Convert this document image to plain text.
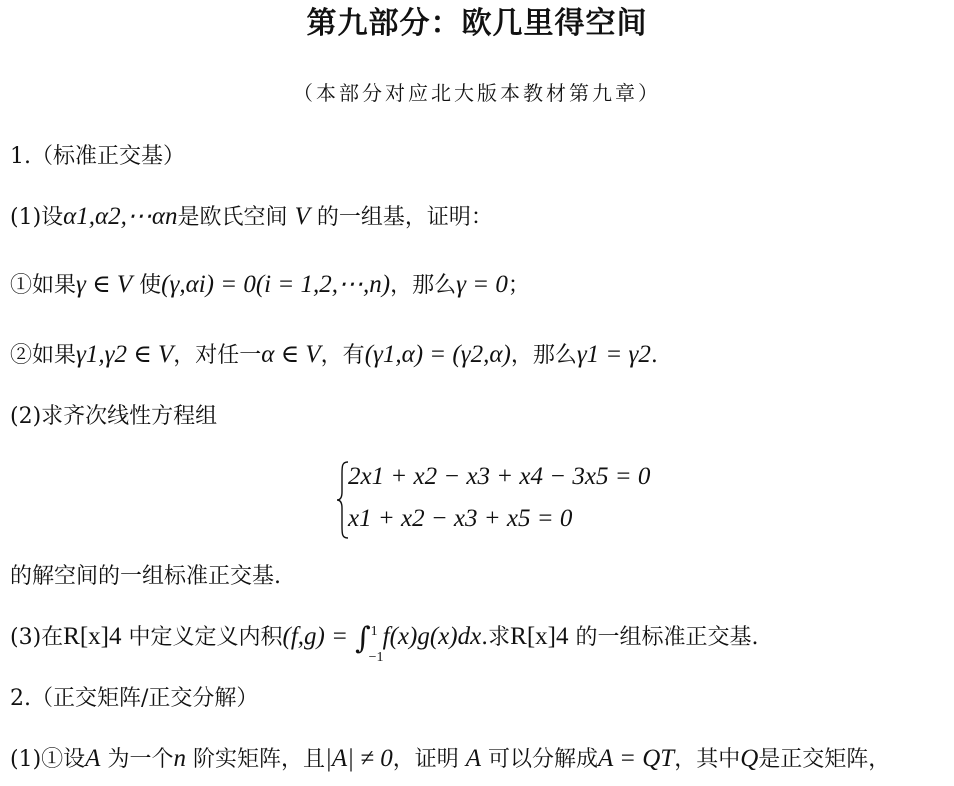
第九部分：欧几里得空间
（本部分对应北大版本教材第九章）
1.（标准正交基）
(1)设α1,α2,⋯αn是欧氏空间 V 的一组基，证明：
①如果γ ∈ V 使(γ,αi) = 0(i = 1,2,⋯,n)，那么γ = 0；
②如果γ1,γ2 ∈ V，对任一α ∈ V，有(γ1,α) = (γ2,α)，那么γ1 = γ2.
(2)求齐次线性方程组
2x1 + x2 − x3 + x4 − 3x5 = 0
x1 + x2 − x3 + x5 = 0
的解空间的一组标准正交基.
(3)在R[x]4 中定义定义内积(f,g) = ∫ 1
−1
f(x)g(x)dx.求R[x]4 的一组标准正交基.
2.（正交矩阵/正交分解）
(1)①设A 为一个n 阶实矩阵，且|A| ≠ 0，证明 A 可以分解成A = QT，其中Q是正交矩阵，
